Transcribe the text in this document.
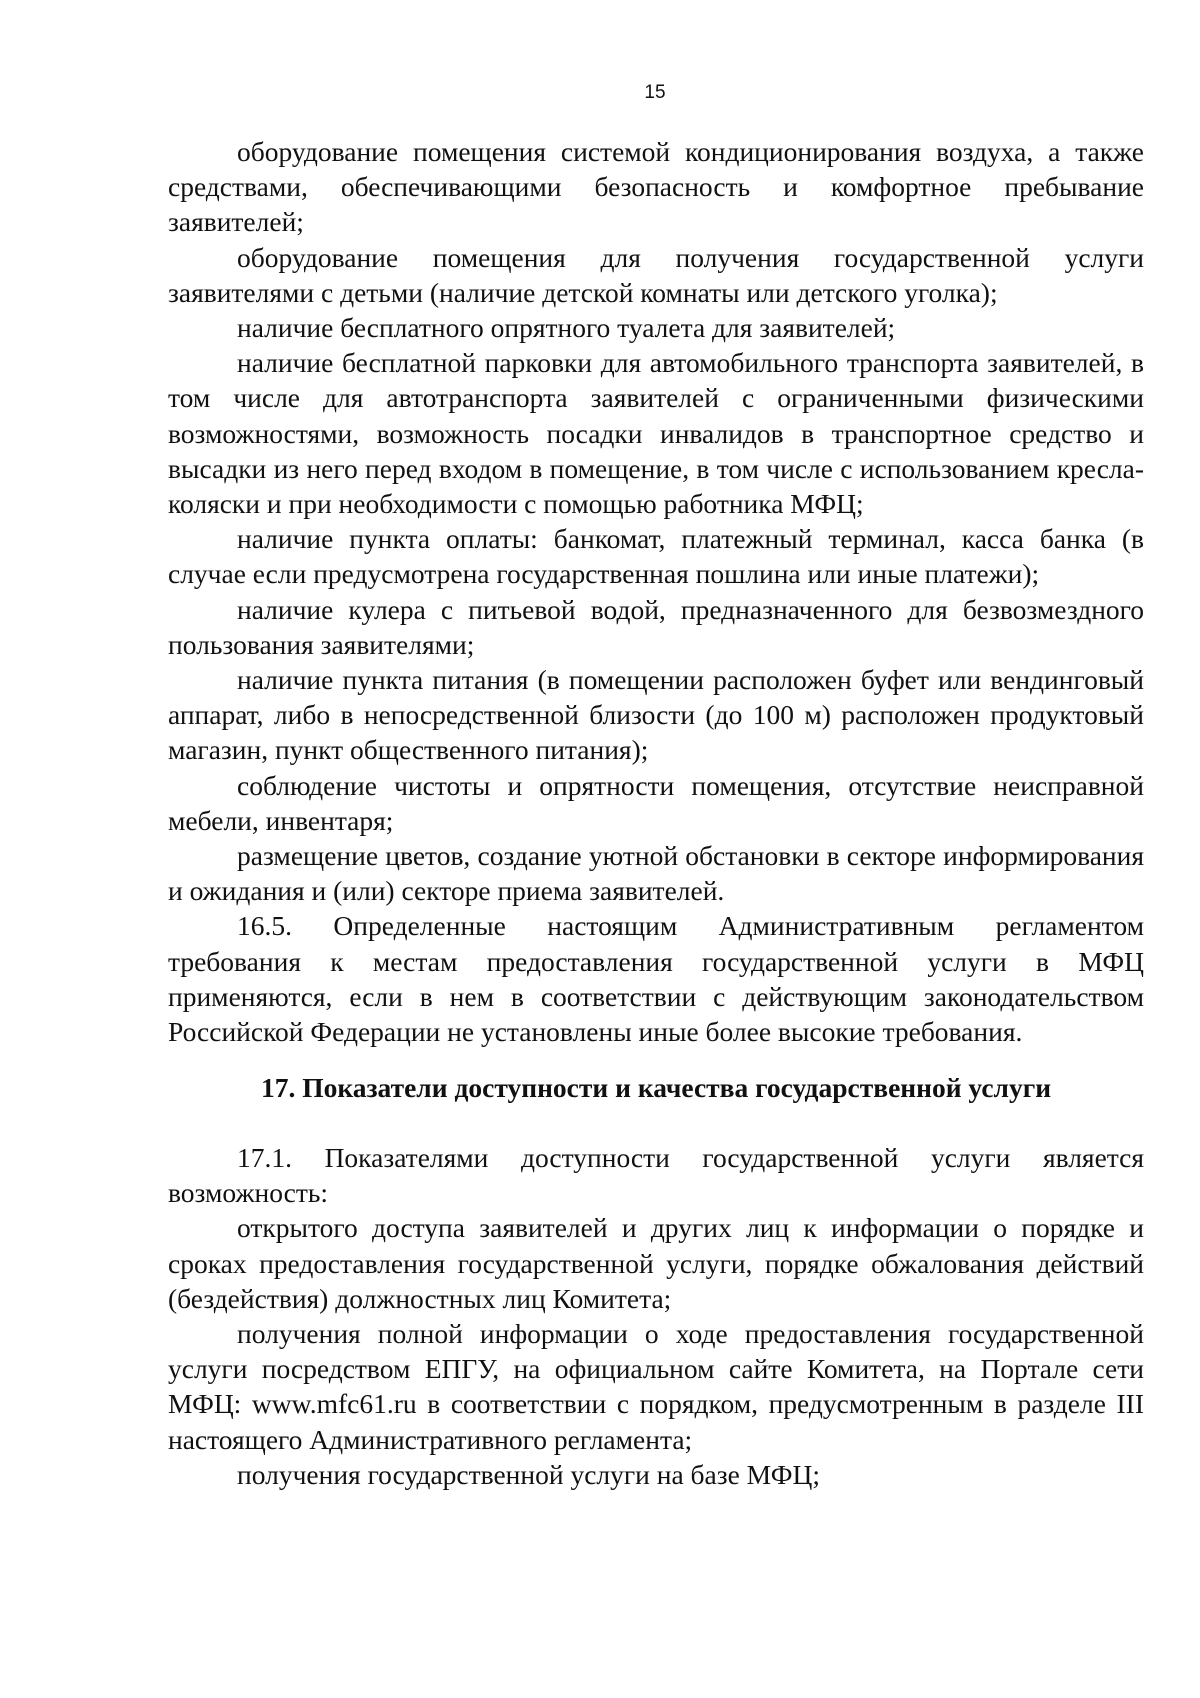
15

оборудование помещения системой кондиционирования воздуха, а также средствами, обеспечивающими безопасность и комфортное пребывание заявителей;

оборудование помещения для получения государственной услуги заявителями с детьми (наличие детской комнаты или детского уголка);

наличие бесплатного опрятного туалета для заявителей;

наличие бесплатной парковки для автомобильного транспорта заявителей, в том числе для автотранспорта заявителей с ограниченными физическими возможностями, возможность посадки инвалидов в транспортное средство и высадки из него перед входом в помещение, в том числе с использованием кресла-коляски и при необходимости с помощью работника МФЦ;

наличие пункта оплаты: банкомат, платежный терминал, касса банка (в случае если предусмотрена государственная пошлина или иные платежи);

наличие кулера с питьевой водой, предназначенного для безвозмездного пользования заявителями;

наличие пункта питания (в помещении расположен буфет или вендинговый аппарат, либо в непосредственной близости (до 100 м) расположен продуктовый магазин, пункт общественного питания);

соблюдение чистоты и опрятности помещения, отсутствие неисправной мебели, инвентаря;

размещение цветов, создание уютной обстановки в секторе информирования и ожидания и (или) секторе приема заявителей.

16.5. Определенные настоящим Административным регламентом требования к местам предоставления государственной услуги в МФЦ применяются, если в нем в соответствии с действующим законодательством Российской Федерации не установлены иные более высокие требования.

17. Показатели доступности и качества государственной услуги

17.1. Показателями доступности государственной услуги является возможность:

открытого доступа заявителей и других лиц к информации о порядке и сроках предоставления государственной услуги, порядке обжалования действий (бездействия) должностных лиц Комитета;

получения полной информации о ходе предоставления государственной услуги посредством ЕПГУ, на официальном сайте Комитета, на Портале сети МФЦ: www.mfc61.ru в соответствии с порядком, предусмотренным в разделе III настоящего Административного регламента;

получения государственной услуги на базе МФЦ;
